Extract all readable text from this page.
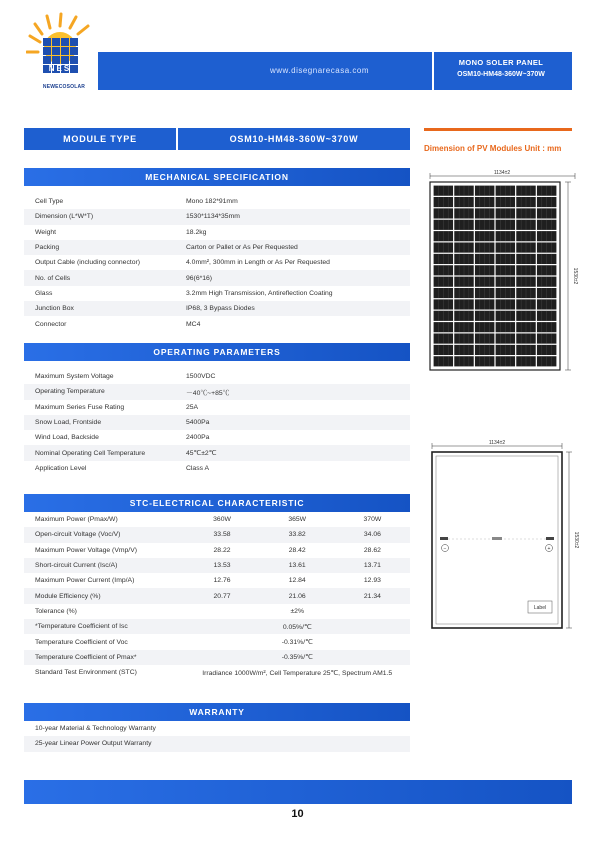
NES
NEWECOSOLAR
www.disegnarecasa.com
MONO SOLER PANEL
OSM10-HM48-360W~370W
MODULE TYPE	OSM10-HM48-360W~370W
Dimension of PV Modules Unit : mm
MECHANICAL SPECIFICATION
Cell Type	Mono 182*91mm
Dimension (L*W*T)	1530*1134*35mm
Weight	18.2kg
Packing	Carton or Pallet or As Per Requested
Output Cable (including connector)	4.0mm², 300mm in Length or As Per Requested
No. of Cells	96(6*16)
Glass	3.2mm High Transmission, Antireflection Coating
Junction Box	IP68, 3 Bypass Diodes
Connector	MC4
OPERATING PARAMETERS
Maximum System Voltage	1500VDC
Operating Temperature	－40℃~+85℃
Maximum Series Fuse Rating	25A
Snow Load, Frontside	5400Pa
Wind Load, Backside	2400Pa
Nominal Operating Cell Temperature	45℃±2℃
Application Level	Class A
STC-ELECTRICAL CHARACTERISTIC
Maximum Power (Pmax/W)	360W	365W	370W
Open-circuit Voltage (Voc/V)	33.58	33.82	34.06
Maximum Power Voltage (Vmp/V)	28.22	28.42	28.62
Short-circuit Current (Isc/A)	13.53	13.61	13.71
Maximum Power Current (Imp/A)	12.76	12.84	12.93
Module Efficiency (%)	20.77	21.06	21.34
Tolerance (%)	±2%
*Temperature Coefficient of Isc	0.05%/℃
Temperature Coefficient of Voc	-0.31%/℃
Temperature Coefficient of Pmax*	-0.35%/℃
Standard Test Environment (STC)	Irradiance 1000W/m², Cell Temperature 25℃, Spectrum AM1.5
WARRANTY
10-year Material & Technology Warranty
25-year Linear Power Output Warranty
1134±2
1530±2
1134±2
−	+
Label
1530±2
10
